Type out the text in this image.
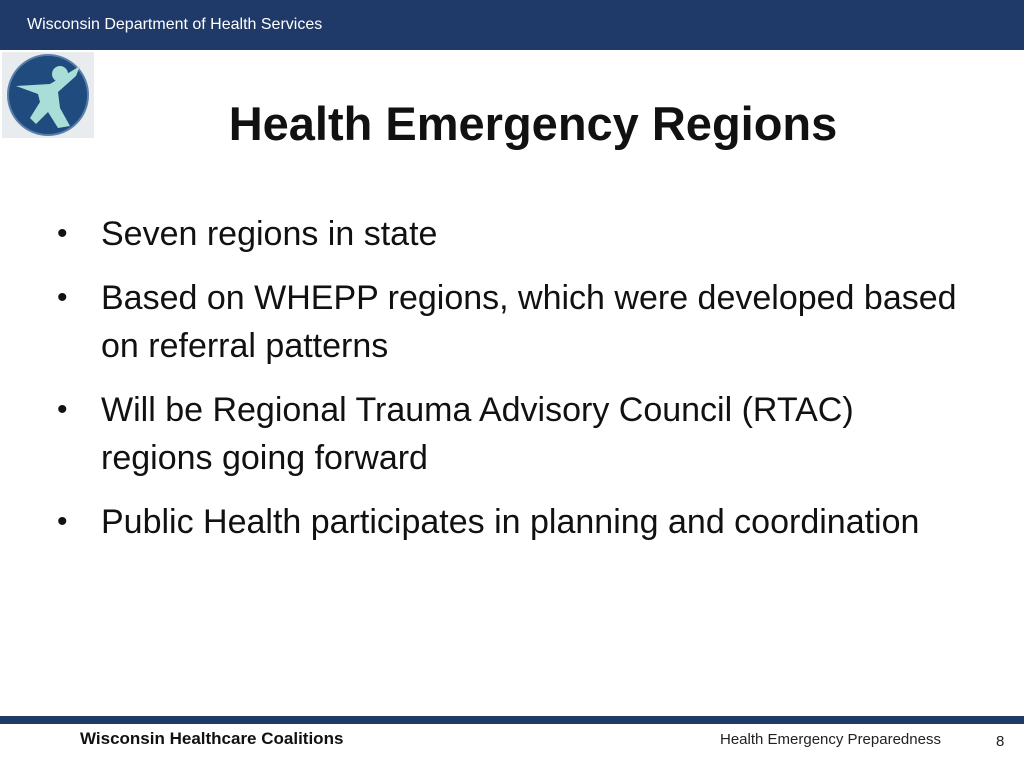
Wisconsin Department of Health Services
Health Emergency Regions
• Seven regions in state
• Based on WHEPP regions, which were developed based on referral patterns
• Will be Regional Trauma Advisory Council (RTAC) regions going forward
• Public Health participates in planning and coordination
Wisconsin Healthcare Coalitions	Health Emergency Preparedness	8
